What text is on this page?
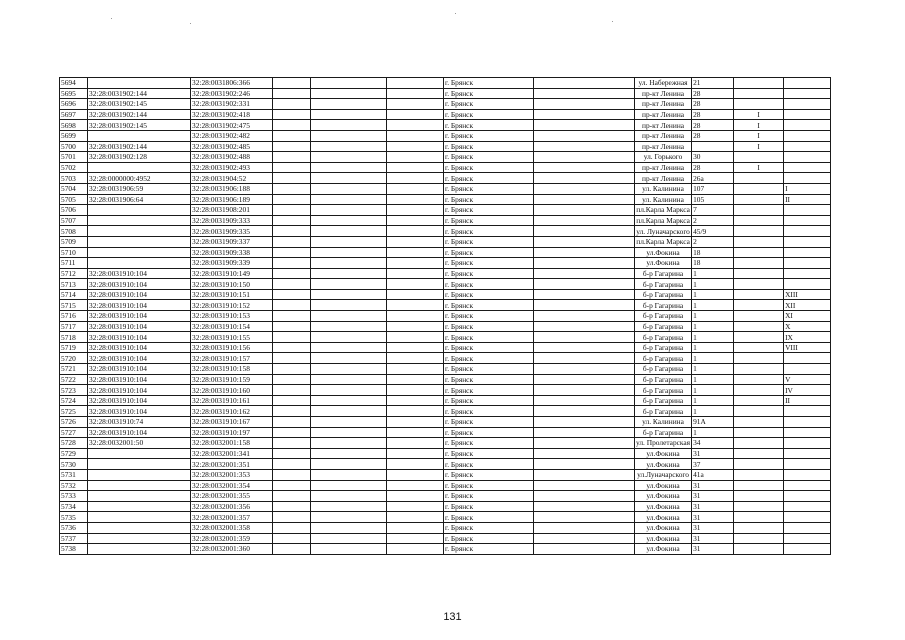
5694		32:28:0031806:366				г. Брянск		ул. Набережная	21		
5695	32:28:0031902:144	32:28:0031902:246				г. Брянск		пр-кт Ленина	28		
5696	32:28:0031902:145	32:28:0031902:331				г. Брянск		пр-кт Ленина	28		
5697	32:28:0031902:144	32:28:0031902:418				г. Брянск		пр-кт Ленина	28	I	
5698	32:28:0031902:145	32:28:0031902:475				г. Брянск		пр-кт Ленина	28	I	
5699		32:28:0031902:482				г. Брянск		пр-кт Ленина	28	I	
5700	32:28:0031902:144	32:28:0031902:485				г. Брянск		пр-кт Ленина		I	
5701	32:28:0031902:128	32:28:0031902:488				г. Брянск		ул. Горького	30		
5702		32:28:0031902:493				г. Брянск		пр-кт Ленина	28	I	
5703	32:28:0000000:4952	32:28:0031904:52				г. Брянск		пр-кт Ленина	26а		
5704	32:28:0031906:59	32:28:0031906:188				г. Брянск		ул. Калинина	107		I
5705	32:28:0031906:64	32:28:0031906:189				г. Брянск		ул. Калинина	105		II
5706		32:28:0031908:201				г. Брянск		пл.Карла Маркса	7		
5707		32:28:0031909:333				г. Брянск		пл.Карла Маркса	2		
5708		32:28:0031909:335				г. Брянск		ул. Луначарского	45/9		
5709		32:28:0031909:337				г. Брянск		пл.Карла Маркса	2		
5710		32:28:0031909:338				г. Брянск		ул.Фокина	18		
5711		32:28:0031909:339				г. Брянск		ул.Фокина	18		
5712	32:28:0031910:104	32:28:0031910:149				г. Брянск		б-р Гагарина	1		
5713	32:28:0031910:104	32:28:0031910:150				г. Брянск		б-р Гагарина	1		
5714	32:28:0031910:104	32:28:0031910:151				г. Брянск		б-р Гагарина	1		XIII
5715	32:28:0031910:104	32:28:0031910:152				г. Брянск		б-р Гагарина	1		XII
5716	32:28:0031910:104	32:28:0031910:153				г. Брянск		б-р Гагарина	1		XI
5717	32:28:0031910:104	32:28:0031910:154				г. Брянск		б-р Гагарина	1		X
5718	32:28:0031910:104	32:28:0031910:155				г. Брянск		б-р Гагарина	1		IX
5719	32:28:0031910:104	32:28:0031910:156				г. Брянск		б-р Гагарина	1		VIII
5720	32:28:0031910:104	32:28:0031910:157				г. Брянск		б-р Гагарина	1		
5721	32:28:0031910:104	32:28:0031910:158				г. Брянск		б-р Гагарина	1		
5722	32:28:0031910:104	32:28:0031910:159				г. Брянск		б-р Гагарина	1		V
5723	32:28:0031910:104	32:28:0031910:160				г. Брянск		б-р Гагарина	1		IV
5724	32:28:0031910:104	32:28:0031910:161				г. Брянск		б-р Гагарина	1		II
5725	32:28:0031910:104	32:28:0031910:162				г. Брянск		б-р Гагарина	1		
5726	32:28:0031910:74	32:28:0031910:167				г. Брянск		ул. Калинина	91А		
5727	32:28:0031910:104	32:28:0031910:197				г. Брянск		б-р Гагарина	1		
5728	32:28:0032001:50	32:28:0032001:158				г. Брянск		ул. Пролетарская	34		
5729		32:28:0032001:341				г. Брянск		ул.Фокина	31		
5730		32:28:0032001:351				г. Брянск		ул.Фокина	37		
5731		32:28:0032001:353				г. Брянск		ул.Луначарского	41а		
5732		32:28:0032001:354				г. Брянск		ул.Фокина	31		
5733		32:28:0032001:355				г. Брянск		ул.Фокина	31		
5734		32:28:0032001:356				г. Брянск		ул.Фокина	31		
5735		32:28:0032001:357				г. Брянск		ул.Фокина	31		
5736		32:28:0032001:358				г. Брянск		ул.Фокина	31		
5737		32:28:0032001:359				г. Брянск		ул.Фокина	31		
5738		32:28:0032001:360				г. Брянск		ул.Фокина	31		
131
